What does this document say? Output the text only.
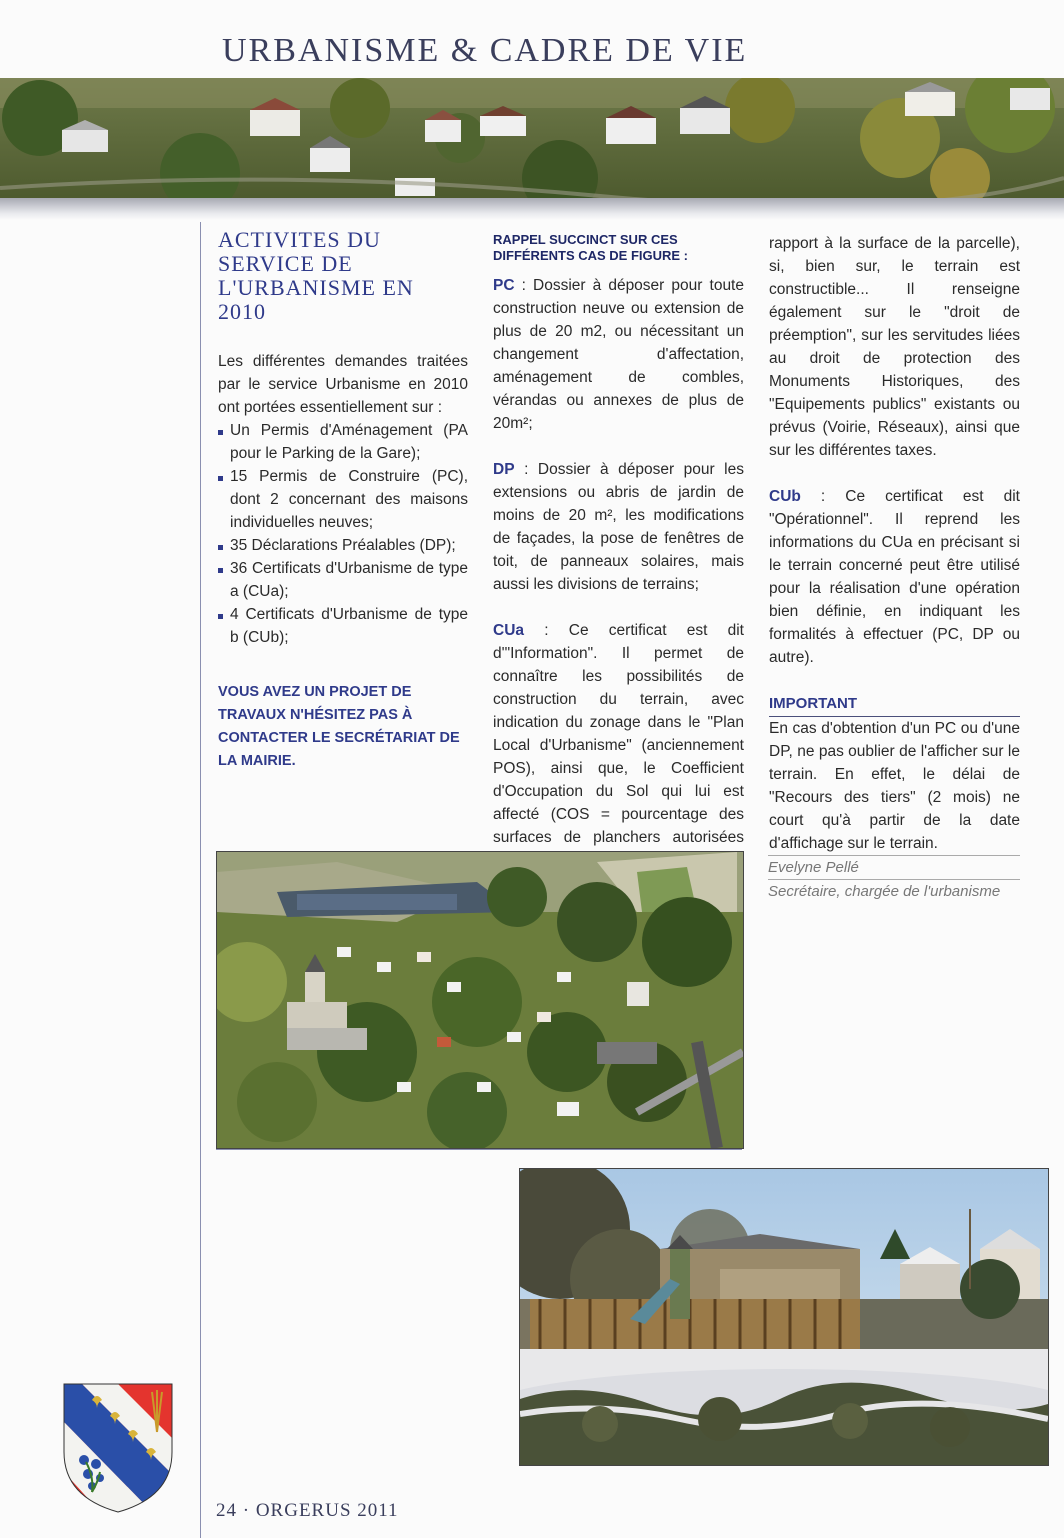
URBANISME & CADRE DE VIE
ACTIVITES DU
SERVICE DE
L'URBANISME EN 2010

Les différentes demandes traitées par le service Urbanisme en 2010 ont portées essentiellement sur :

Un Permis d'Aménagement (PA pour le Parking de la Gare);
15 Permis de Construire (PC), dont 2 concernant des maisons individuelles neuves;
35 Déclarations Préalables (DP);
36 Certificats d'Urbanisme de type a (CUa);
4 Certificats d'Urbanisme de type b (CUb);
VOUS AVEZ UN PROJET DE TRAVAUX N'HÉSITEZ PAS À CONTACTER LE SECRÉTARIAT DE LA MAIRIE.
RAPPEL SUCCINCT SUR CES DIFFÉRENTS CAS DE FIGURE :

PC : Dossier à déposer pour toute construction neuve ou extension de plus de 20 m2, ou nécessitant un changement d'affectation, aménagement de combles, vérandas ou annexes de plus de 20m²;

DP : Dossier à déposer pour les extensions ou abris de jardin de moins de 20 m², les modifications de façades, la pose de fenêtres de toit, de panneaux solaires, mais aussi les divisions de terrains;

CUa : Ce certificat est dit d'"Information". Il permet de connaître les possibilités de construction du terrain, avec indication du zonage dans le "Plan Local d'Urbanisme" (anciennement POS), ainsi que, le Coefficient d'Occupation du Sol qui lui est affecté (COS = pourcentage des surfaces de planchers autorisées

rapport à la surface de la parcelle), si, bien sur, le terrain est constructible... Il renseigne également sur le "droit de préemption", sur les servitudes liées au droit de protection des Monuments Historiques, des "Equipements publics" existants ou prévus (Voirie, Réseaux), ainsi que sur les différentes taxes.

CUb : Ce certificat est dit "Opérationnel". Il reprend les informations du CUa en précisant si le terrain concerné peut être utilisé pour la réalisation d'une opération bien définie, en indiquant les formalités à effectuer (PC, DP ou autre).

IMPORTANT

En cas d'obtention d'un PC ou d'une DP, ne pas oublier de l'afficher sur le terrain. En effet, le délai de "Recours des tiers" (2 mois) ne court qu'à partir de la date d'affichage sur le terrain.

Evelyne Pellé
Secrétaire, chargée de l'urbanisme
24 · ORGERUS 2011
